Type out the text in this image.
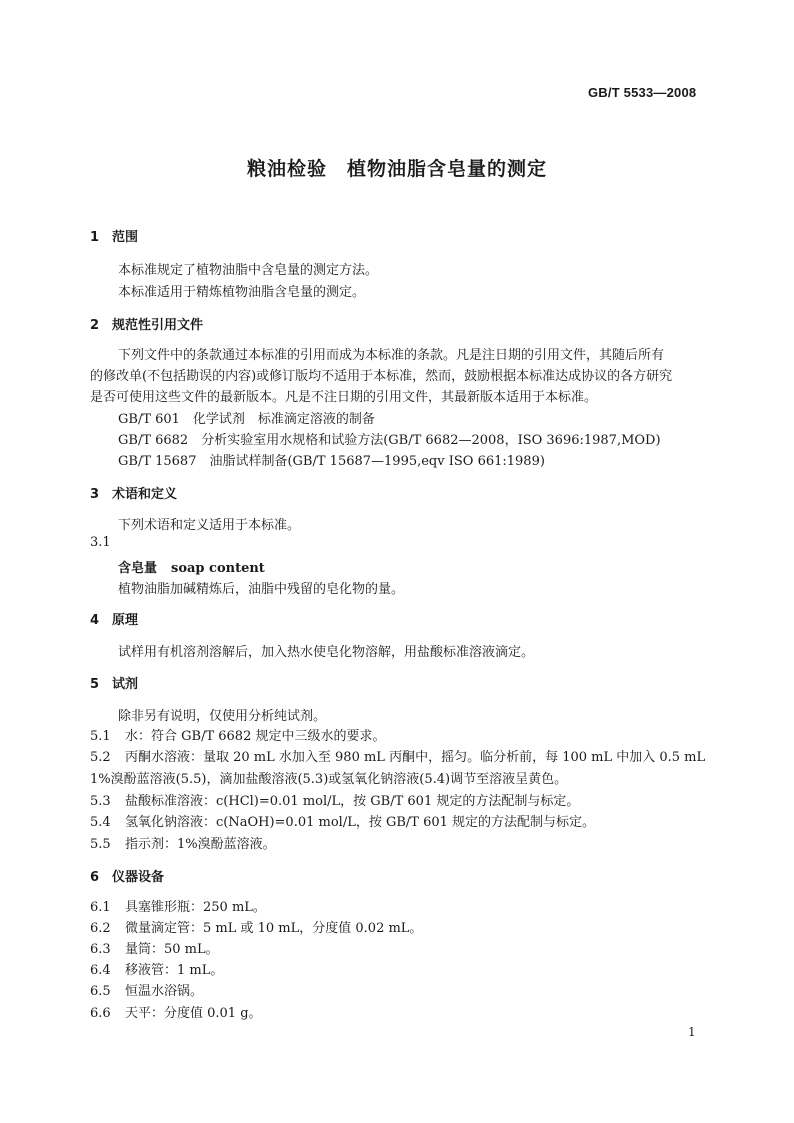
GB/T 5533—2008
粮油检验　植物油脂含皂量的测定
1 范围
本标准规定了植物油脂中含皂量的测定方法。
本标准适用于精炼植物油脂含皂量的测定。
2 规范性引用文件
下列文件中的条款通过本标准的引用而成为本标准的条款。凡是注日期的引用文件，其随后所有
的修改单(不包括勘误的内容)或修订版均不适用于本标准，然而，鼓励根据本标准达成协议的各方研究
是否可使用这些文件的最新版本。凡是不注日期的引用文件，其最新版本适用于本标准。
GB/T 601　化学试剂　标准滴定溶液的制备
GB/T 6682　分析实验室用水规格和试验方法(GB/T 6682—2008，ISO 3696:1987,MOD)
GB/T 15687　油脂试样制备(GB/T 15687—1995,eqv ISO 661:1989)
3 术语和定义
下列术语和定义适用于本标准。
3.1
含皂量 soap content
植物油脂加碱精炼后，油脂中残留的皂化物的量。
4 原理
试样用有机溶剂溶解后，加入热水使皂化物溶解，用盐酸标准溶液滴定。
5 试剂
除非另有说明，仅使用分析纯试剂。
5.1 水：符合 GB/T 6682 规定中三级水的要求。
5.2 丙酮水溶液：量取 20 mL 水加入至 980 mL 丙酮中，摇匀。临分析前，每 100 mL 中加入 0.5 mL
1%溴酚蓝溶液(5.5)，滴加盐酸溶液(5.3)或氢氧化钠溶液(5.4)调节至溶液呈黄色。
5.3 盐酸标准溶液：c(HCl)=0.01 mol/L，按 GB/T 601 规定的方法配制与标定。
5.4 氢氧化钠溶液：c(NaOH)=0.01 mol/L，按 GB/T 601 规定的方法配制与标定。
5.5 指示剂：1%溴酚蓝溶液。
6 仪器设备
6.1 具塞锥形瓶：250 mL。
6.2 微量滴定管：5 mL 或 10 mL，分度值 0.02 mL。
6.3 量筒：50 mL。
6.4 移液管：1 mL。
6.5 恒温水浴锅。
6.6 天平：分度值 0.01 g。
1
